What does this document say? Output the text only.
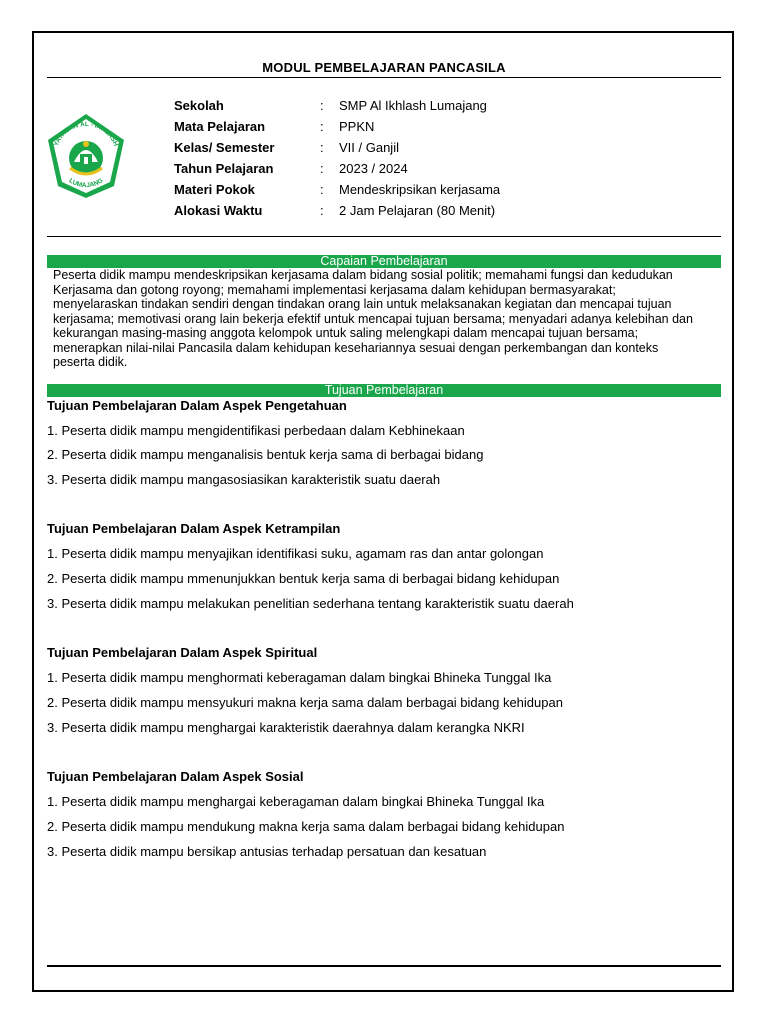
MODUL PEMBELAJARAN PANCASILA
YAYASAN AL - IKHLASH
LUMAJANG
Sekolah	: SMP Al Ikhlash Lumajang
Mata Pelajaran	: PPKN
Kelas/ Semester	: VII / Ganjil
Tahun Pelajaran	: 2023 / 2024
Materi Pokok	: Mendeskripsikan kerjasama
Alokasi Waktu	: 2 Jam Pelajaran (80 Menit)
Capaian Pembelajaran
Peserta didik mampu mendeskripsikan kerjasama dalam bidang sosial politik; memahami fungsi dan kedudukan
Kerjasama dan gotong royong; memahami implementasi kerjasama dalam kehidupan bermasyarakat;
menyelaraskan tindakan sendiri dengan tindakan orang lain untuk melaksanakan kegiatan dan mencapai tujuan
kerjasama; memotivasi orang lain bekerja efektif untuk mencapai tujuan bersama; menyadari adanya kelebihan dan
kekurangan masing-masing anggota kelompok untuk saling melengkapi dalam mencapai tujuan bersama;
menerapkan nilai-nilai Pancasila dalam kehidupan kesehariannya sesuai dengan perkembangan dan konteks
peserta didik.
Tujuan Pembelajaran
Tujuan Pembelajaran Dalam Aspek Pengetahuan
1. Peserta didik mampu mengidentifikasi perbedaan dalam Kebhinekaan
2. Peserta didik mampu menganalisis bentuk kerja sama di berbagai bidang
3. Peserta didik mampu mangasosiasikan karakteristik suatu daerah
Tujuan Pembelajaran Dalam Aspek Ketrampilan
1. Peserta didik mampu menyajikan identifikasi suku, agamam ras dan antar golongan
2. Peserta didik mampu mmenunjukkan bentuk kerja sama di berbagai bidang kehidupan
3. Peserta didik mampu melakukan penelitian sederhana tentang karakteristik suatu daerah
Tujuan Pembelajaran Dalam Aspek Spiritual
1. Peserta didik mampu menghormati keberagaman dalam bingkai Bhineka Tunggal Ika
2. Peserta didik mampu mensyukuri makna kerja sama dalam berbagai bidang kehidupan
3. Peserta didik mampu menghargai karakteristik daerahnya dalam kerangka NKRI
Tujuan Pembelajaran Dalam Aspek Sosial
1. Peserta didik mampu menghargai keberagaman dalam bingkai Bhineka Tunggal Ika
2. Peserta didik mampu mendukung makna kerja sama dalam berbagai bidang kehidupan
3. Peserta didik mampu bersikap antusias terhadap persatuan dan kesatuan
